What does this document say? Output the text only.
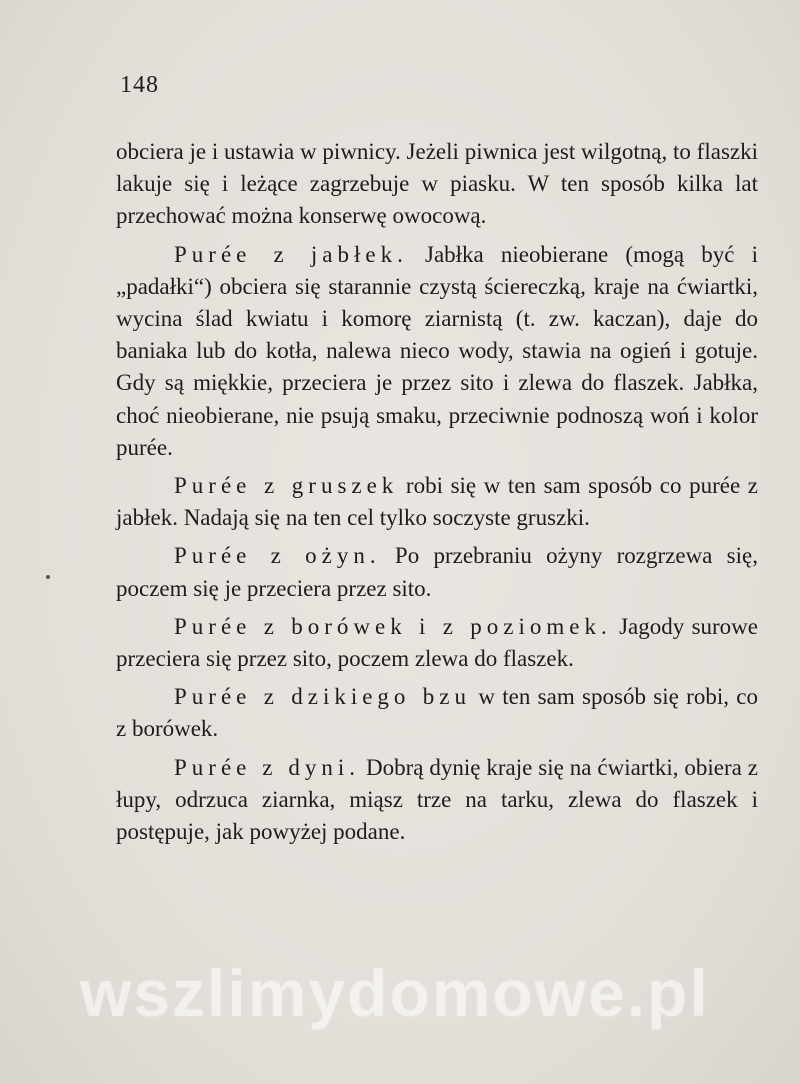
148

obciera je i ustawia w piwnicy. Jeżeli piwnica jest wilgotną, to flaszki lakuje się i leżące zagrzebuje w piasku. W ten sposób kilka lat przechować można konserwę owocową.

Purée z jabłek. Jabłka nieobierane (mogą być i „padałki“) obciera się starannie czystą ściereczką, kraje na ćwiartki, wycina ślad kwiatu i komorę ziarnistą (t. zw. kaczan), daje do baniaka lub do kotła, nalewa nieco wody, stawia na ogień i gotuje. Gdy są miękkie, przeciera je przez sito i zlewa do flaszek. Jabłka, choć nieobierane, nie psują smaku, przeciwnie podnoszą woń i kolor purée.

Purée z gruszek robi się w ten sam sposób co purée z jabłek. Nadają się na ten cel tylko soczyste gruszki.

Purée z ożyn. Po przebraniu ożyny rozgrzewa się, poczem się je przeciera przez sito.

Purée z borówek i z poziomek. Jagody surowe przeciera się przez sito, poczem zlewa do flaszek.

Purée z dzikiego bzu w ten sam sposób się robi, co z borówek.

Purée z dyni. Dobrą dynię kraje się na ćwiartki, obiera z łupy, odrzuca ziarnka, miąsz trze na tarku, zlewa do flaszek i postępuje, jak powyżej podane.

wszlimydomowe.pl
